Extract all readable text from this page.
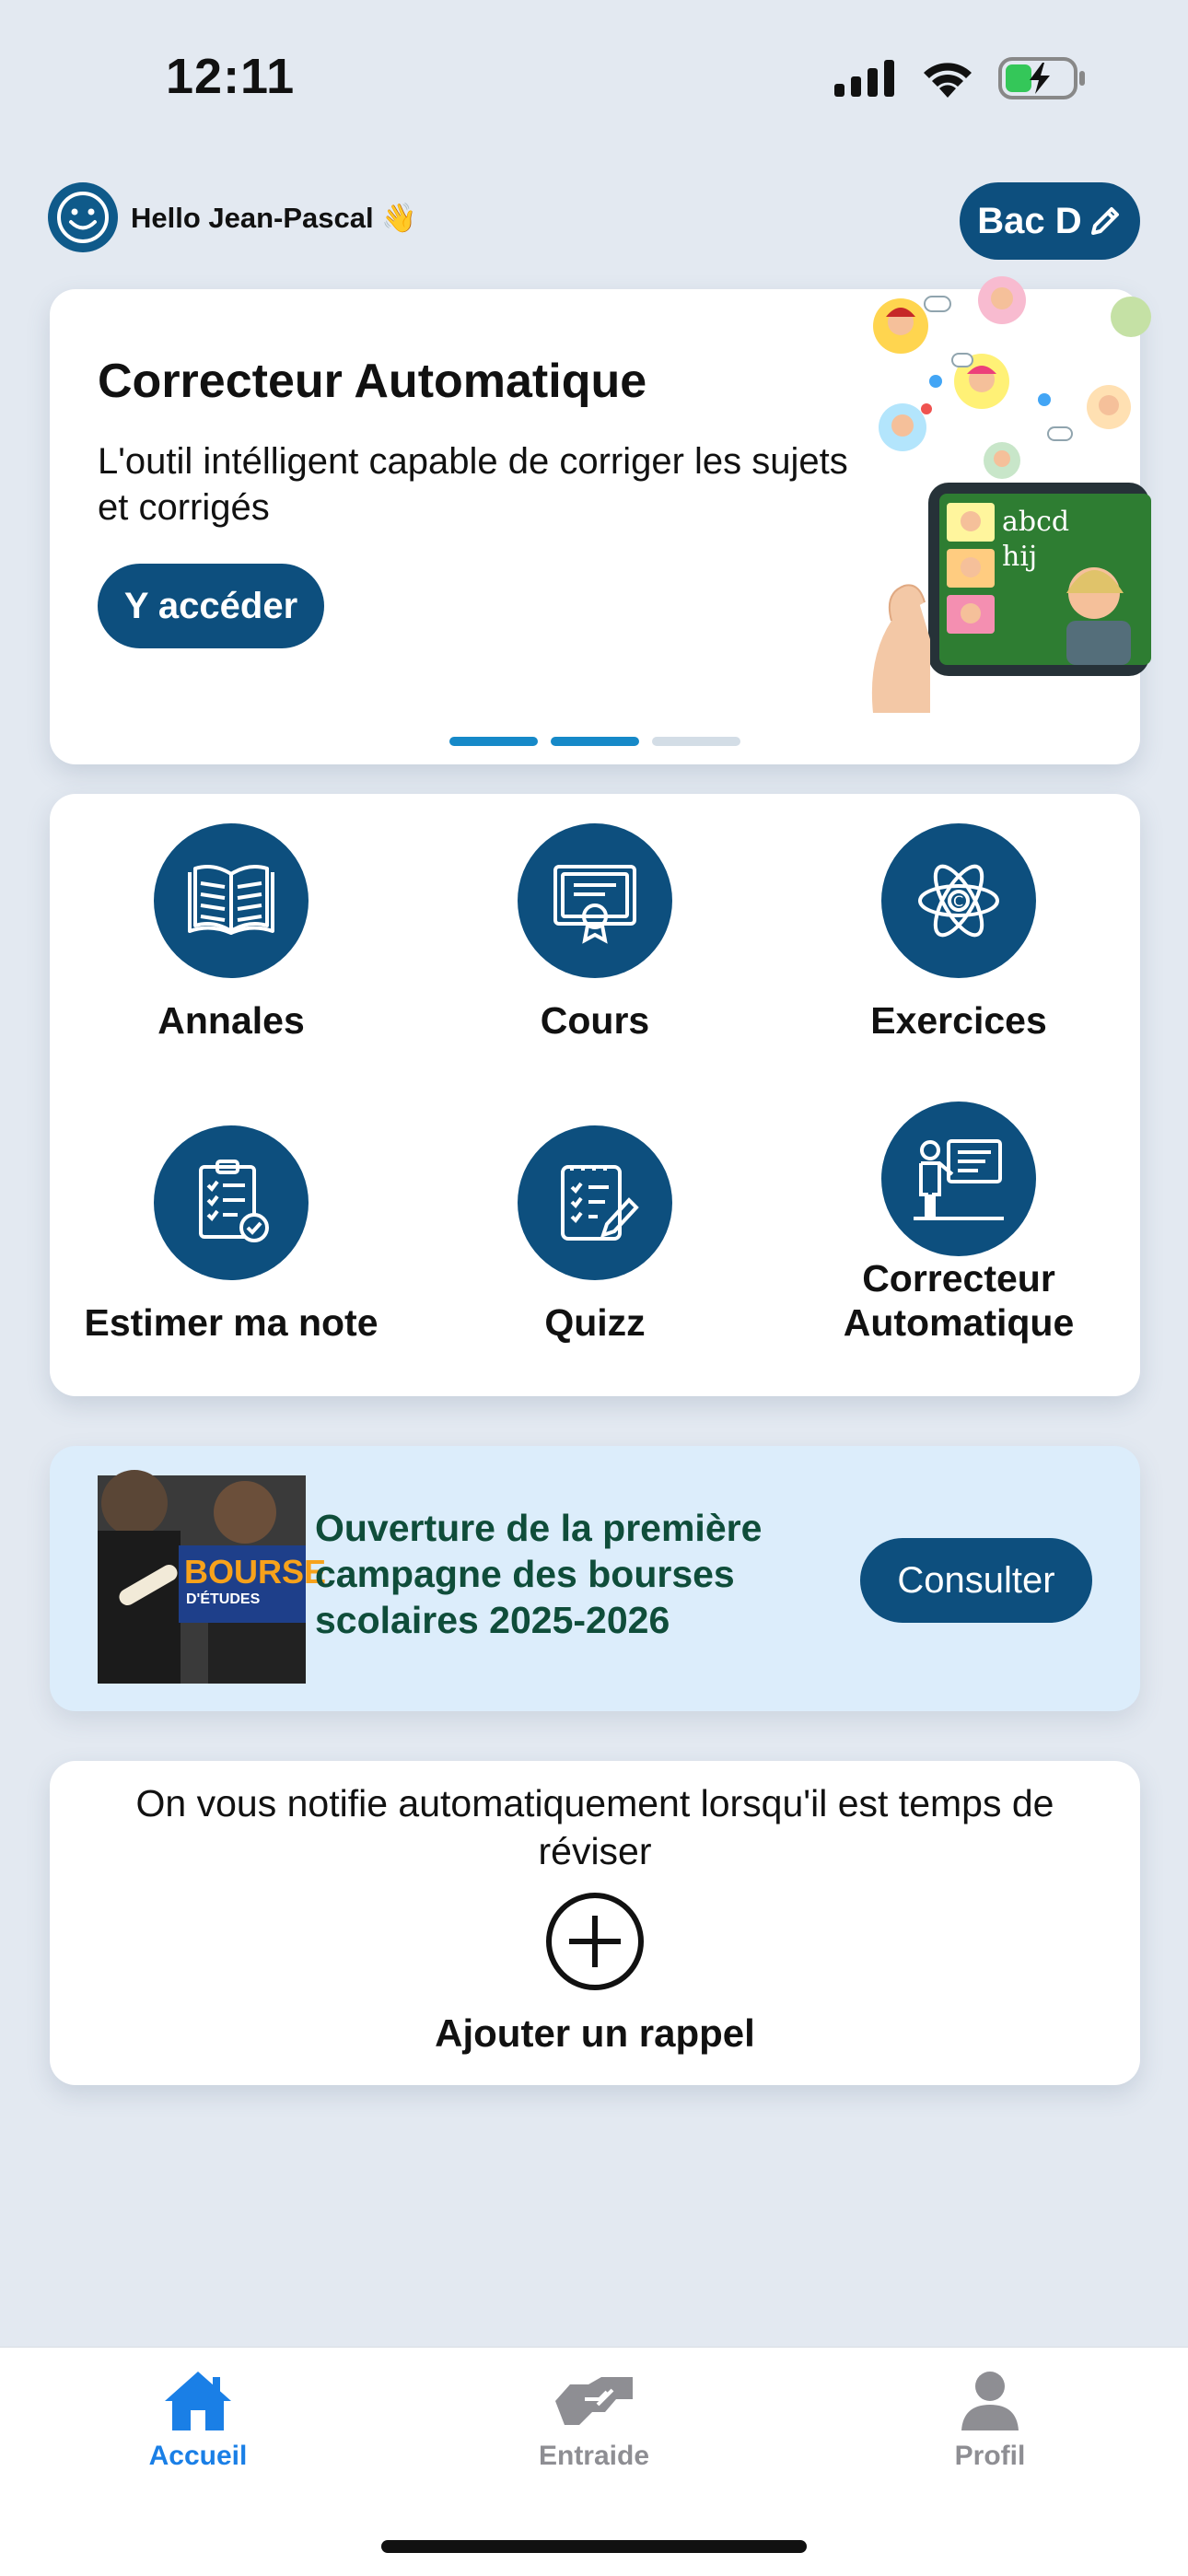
12:11
Hello Jean-Pascal 👋	Bac D
Correcteur Automatique
L'outil intélligent capable de corriger les sujets et corrigés
Y accéder
abcd
hij
Annales	Cours
C
Exercices
Estimer ma note	Quizz
Correcteur Automatique
BOURSE
D'ÉTUDES
Ouverture de la première campagne des bourses scolaires 2025-2026
Consulter
On vous notifie automatiquement lorsqu'il est temps de réviser
Ajouter un rappel
Accueil	Entraide	Profil
